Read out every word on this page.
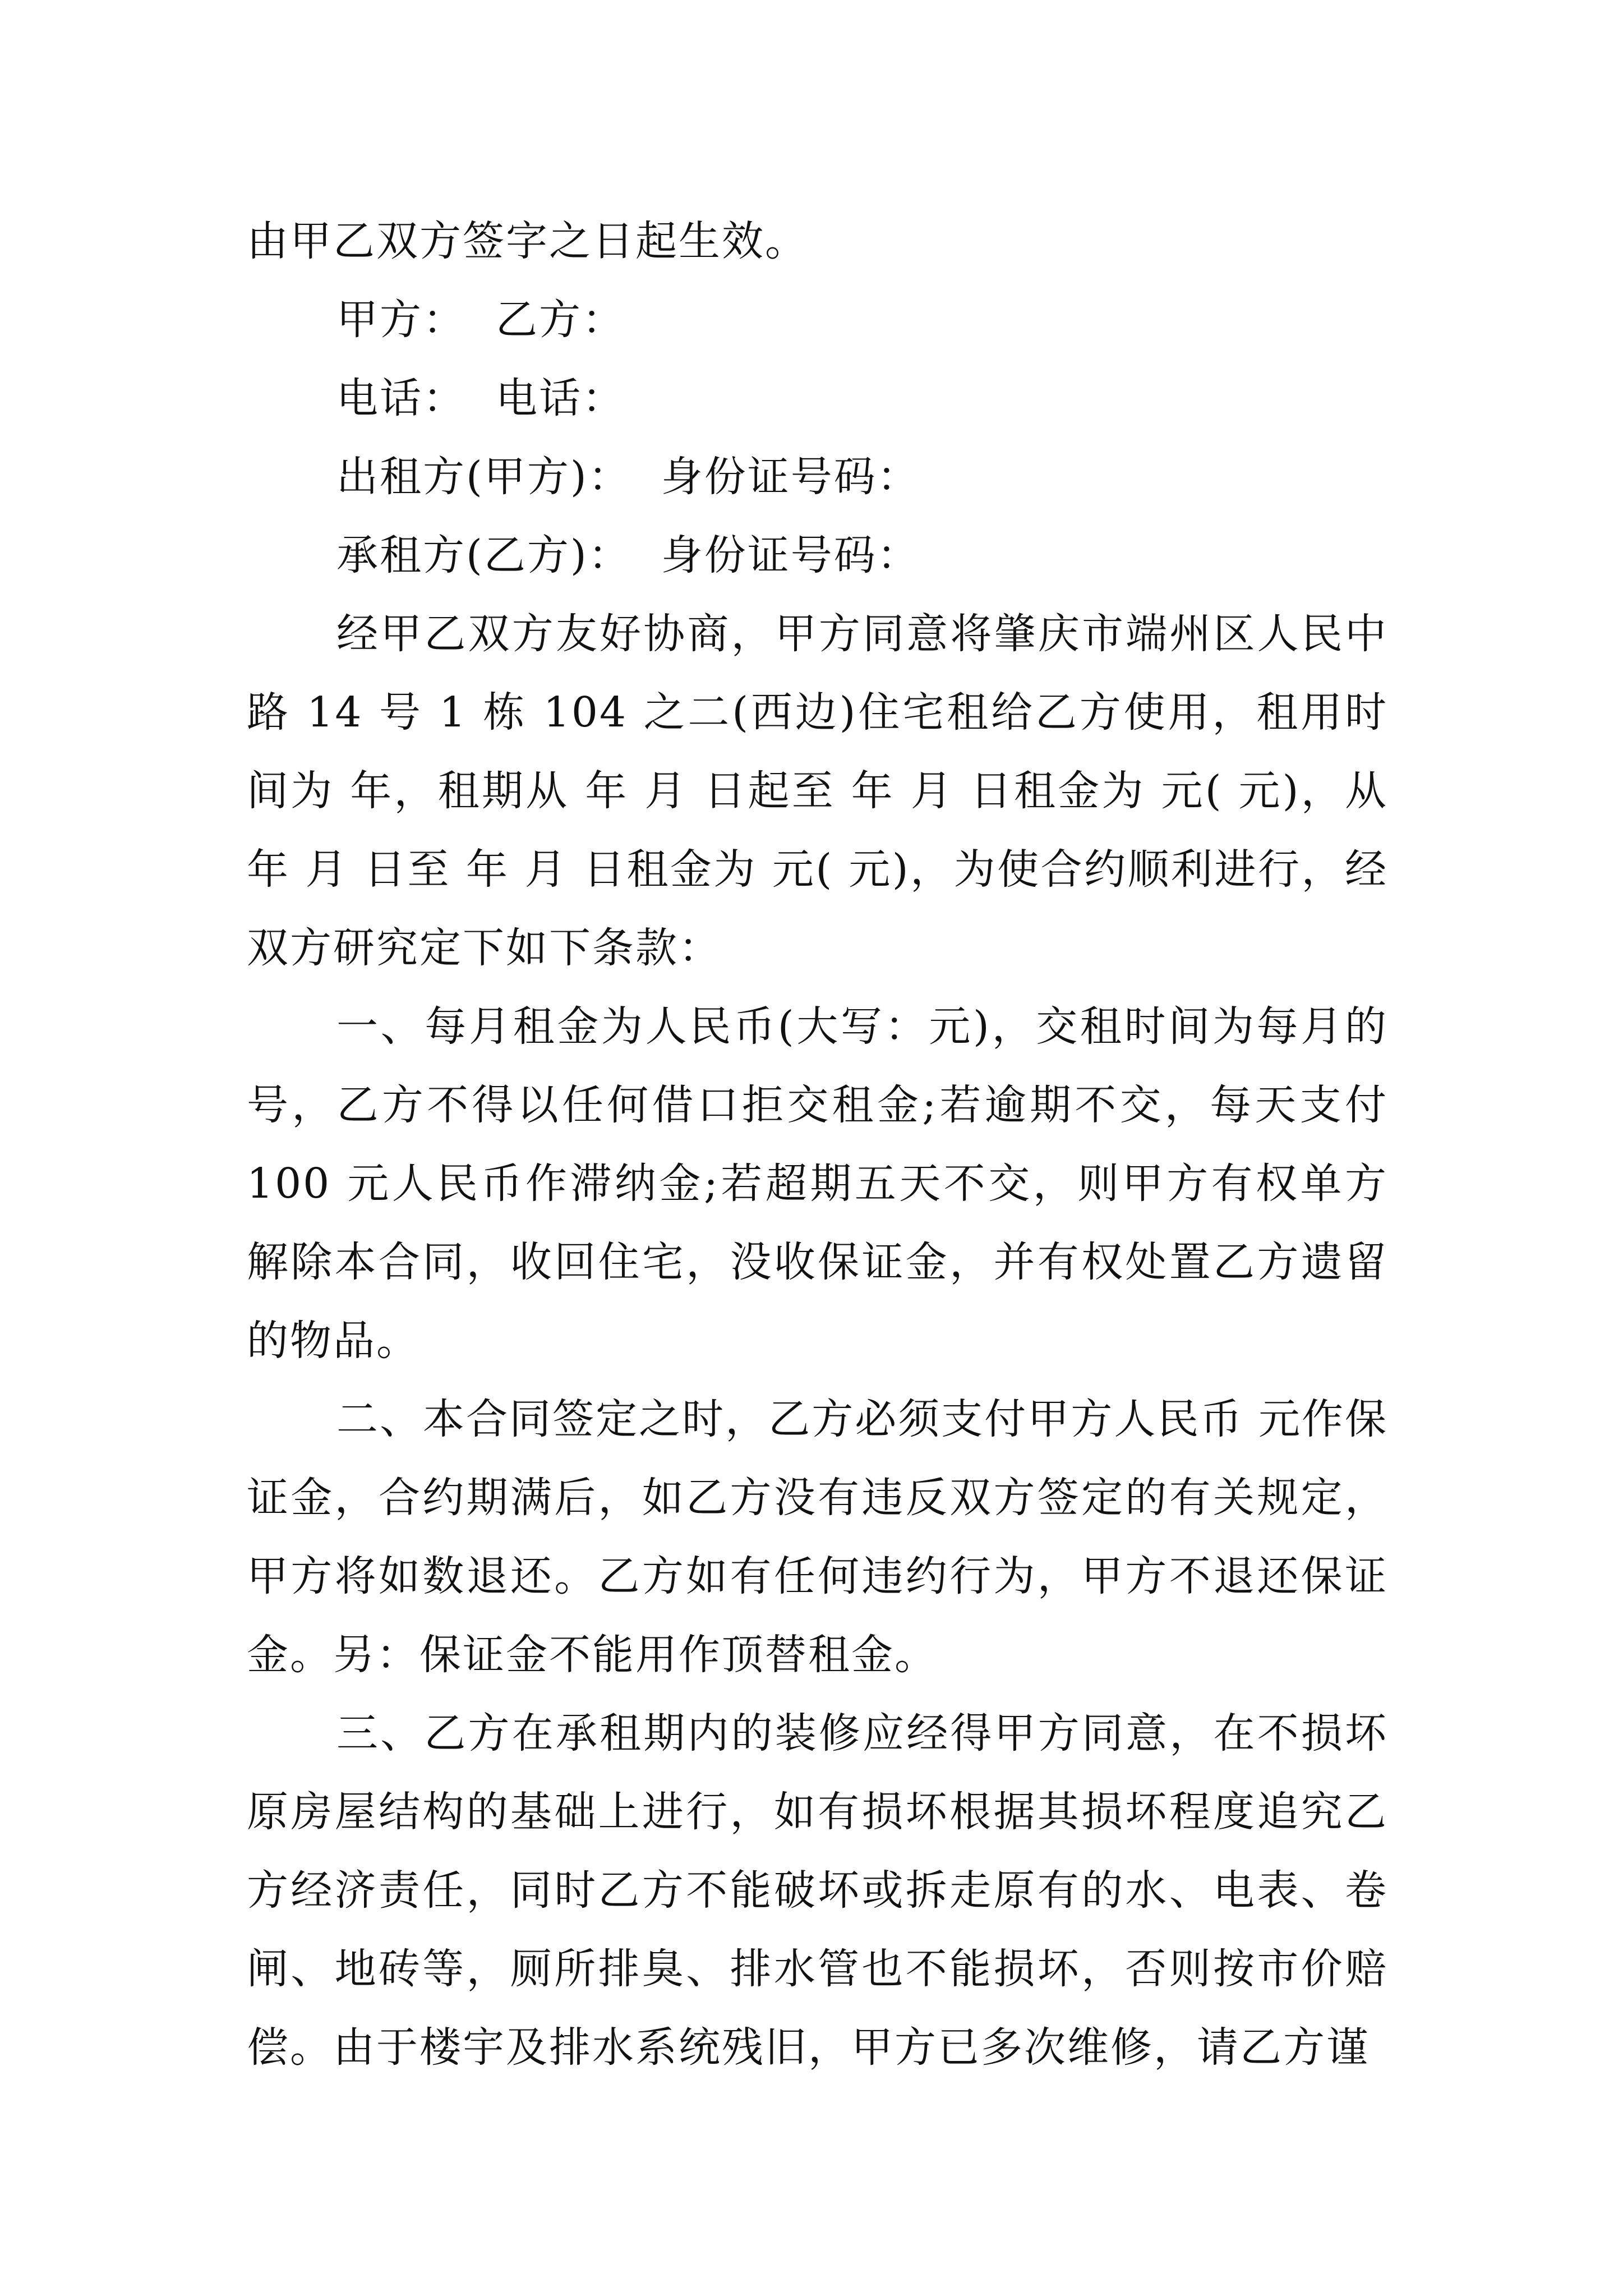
由甲乙双方签字之日起生效。

甲方：  乙方：

电话：  电话：

出租方(甲方)：  身份证号码：

承租方(乙方)：  身份证号码：

经甲乙双方友好协商，甲方同意将肇庆市端州区人民中路 14 号 1 栋 104 之二(西边)住宅租给乙方使用，租用时间为 年，租期从 年 月 日起至 年 月 日租金为 元( 元)，从 年 月 日至 年 月 日租金为 元( 元)，为使合约顺利进行，经双方研究定下如下条款：

一、每月租金为人民币(大写：元)，交租时间为每月的 号，乙方不得以任何借口拒交租金;若逾期不交，每天支付 100 元人民币作滞纳金;若超期五天不交，则甲方有权单方解除本合同，收回住宅，没收保证金，并有权处置乙方遗留的物品。

二、本合同签定之时，乙方必须支付甲方人民币 元作保证金，合约期满后，如乙方没有违反双方签定的有关规定，甲方将如数退还。乙方如有任何违约行为，甲方不退还保证金。另：保证金不能用作顶替租金。

三、乙方在承租期内的装修应经得甲方同意，在不损坏原房屋结构的基础上进行，如有损坏根据其损坏程度追究乙方经济责任，同时乙方不能破坏或拆走原有的水、电表、卷闸、地砖等，厕所排臭、排水管也不能损坏，否则按市价赔偿。由于楼宇及排水系统残旧，甲方已多次维修，请乙方谨
